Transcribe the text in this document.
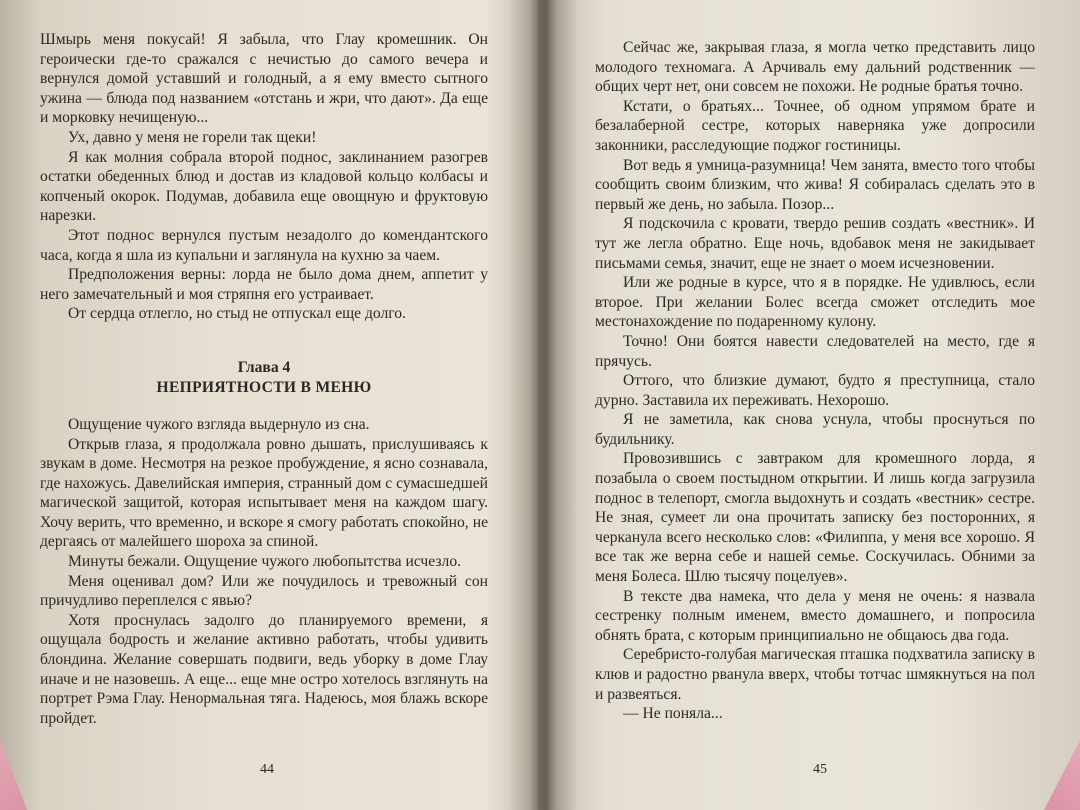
Шмырь меня покусай! Я забыла, что Глау кромешник. Он героически где-то сражался с нечистью до самого вечера и вернулся домой уставший и голодный, а я ему вместо сытного ужина — блюда под названием «отстань и жри, что дают». Да еще и морковку нечищеную...

Ух, давно у меня не горели так щеки!

Я как молния собрала второй поднос, заклинанием разогрев остатки обеденных блюд и достав из кладовой кольцо колбасы и копченый окорок. Подумав, добавила еще овощную и фруктовую нарезки.

Этот поднос вернулся пустым незадолго до комендантского часа, когда я шла из купальни и заглянула на кухню за чаем.

Предположения верны: лорда не было дома днем, аппетит у него замечательный и моя стряпня его устраивает.

От сердца отлегло, но стыд не отпускал еще долго.

Глава 4
НЕПРИЯТНОСТИ В МЕНЮ

Ощущение чужого взгляда выдернуло из сна.

Открыв глаза, я продолжала ровно дышать, прислушиваясь к звукам в доме. Несмотря на резкое пробуждение, я ясно сознавала, где нахожусь. Давелийская империя, странный дом с сумасшедшей магической защитой, которая испытывает меня на каждом шагу. Хочу верить, что временно, и вскоре я смогу работать спокойно, не дергаясь от малейшего шороха за спиной.

Минуты бежали. Ощущение чужого любопытства исчезло.

Меня оценивал дом? Или же почудилось и тревожный сон причудливо переплелся с явью?

Хотя проснулась задолго до планируемого времени, я ощущала бодрость и желание активно работать, чтобы удивить блондина. Желание совершать подвиги, ведь уборку в доме Глау иначе и не назовешь. А еще... еще мне остро хотелось взглянуть на портрет Рэма Глау. Ненормальная тяга. Надеюсь, моя блажь вскоре пройдет.

44

Сейчас же, закрывая глаза, я могла четко представить лицо молодого техномага. А Арчиваль ему дальний родственник — общих черт нет, они совсем не похожи. Не родные братья точно.

Кстати, о братьях... Точнее, об одном упрямом брате и безалаберной сестре, которых наверняка уже допросили законники, расследующие поджог гостиницы.

Вот ведь я умница-разумница! Чем занята, вместо того чтобы сообщить своим близким, что жива! Я собиралась сделать это в первый же день, но забыла. Позор...

Я подскочила с кровати, твердо решив создать «вестник». И тут же легла обратно. Еще ночь, вдобавок меня не закидывает письмами семья, значит, еще не знает о моем исчезновении.

Или же родные в курсе, что я в порядке. Не удивлюсь, если второе. При желании Болес всегда сможет отследить мое местонахождение по подаренному кулону.

Точно! Они боятся навести следователей на место, где я прячусь.

Оттого, что близкие думают, будто я преступница, стало дурно. Заставила их переживать. Нехорошо.

Я не заметила, как снова уснула, чтобы проснуться по будильнику.

Провозившись с завтраком для кромешного лорда, я позабыла о своем постыдном открытии. И лишь когда загрузила поднос в телепорт, смогла выдохнуть и создать «вестник» сестре. Не зная, сумеет ли она прочитать записку без посторонних, я черканула всего несколько слов: «Филиппа, у меня все хорошо. Я все так же верна себе и нашей семье. Соскучилась. Обними за меня Болеса. Шлю тысячу поцелуев».

В тексте два намека, что дела у меня не очень: я назвала сестренку полным именем, вместо домашнего, и попросила обнять брата, с которым принципиально не общаюсь два года.

Серебристо-голубая магическая пташка подхватила записку в клюв и радостно рванула вверх, чтобы тотчас шмякнуться на пол и развеяться.

— Не поняла...

45
